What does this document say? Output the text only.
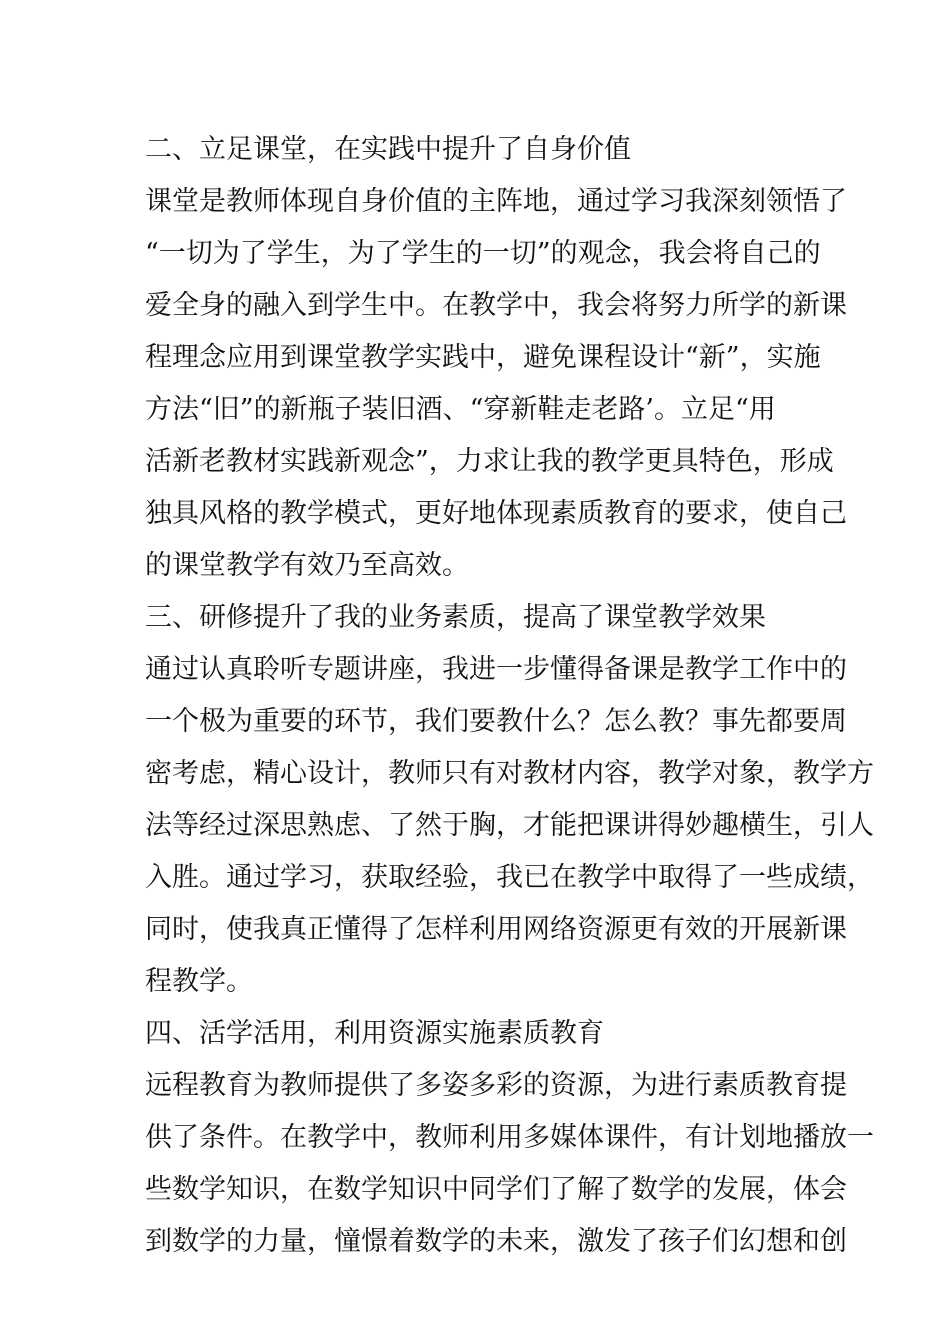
二、立足课堂，在实践中提升了自身价值
课堂是教师体现自身价值的主阵地，通过学习我深刻领悟了
“一切为了学生，为了学生的一切”的观念，我会将自己的
爱全身的融入到学生中。在教学中，我会将努力所学的新课
程理念应用到课堂教学实践中，避免课程设计“新”，实施
方法“旧”的新瓶子装旧酒、“穿新鞋走老路’。立足“用
活新老教材实践新观念”，力求让我的教学更具特色，形成
独具风格的教学模式，更好地体现素质教育的要求，使自己
的课堂教学有效乃至高效。
三、研修提升了我的业务素质，提高了课堂教学效果
通过认真聆听专题讲座，我进一步懂得备课是教学工作中的
一个极为重要的环节，我们要教什么？怎么教？事先都要周
密考虑，精心设计，教师只有对教材内容，教学对象，教学方
法等经过深思熟虑、了然于胸，才能把课讲得妙趣横生，引人
入胜。通过学习，获取经验，我已在教学中取得了一些成绩，
同时，使我真正懂得了怎样利用网络资源更有效的开展新课
程教学。
四、活学活用，利用资源实施素质教育
远程教育为教师提供了多姿多彩的资源，为进行素质教育提
供了条件。在教学中，教师利用多媒体课件，有计划地播放一
些数学知识，在数学知识中同学们了解了数学的发展，体会
到数学的力量，憧憬着数学的未来，激发了孩子们幻想和创
